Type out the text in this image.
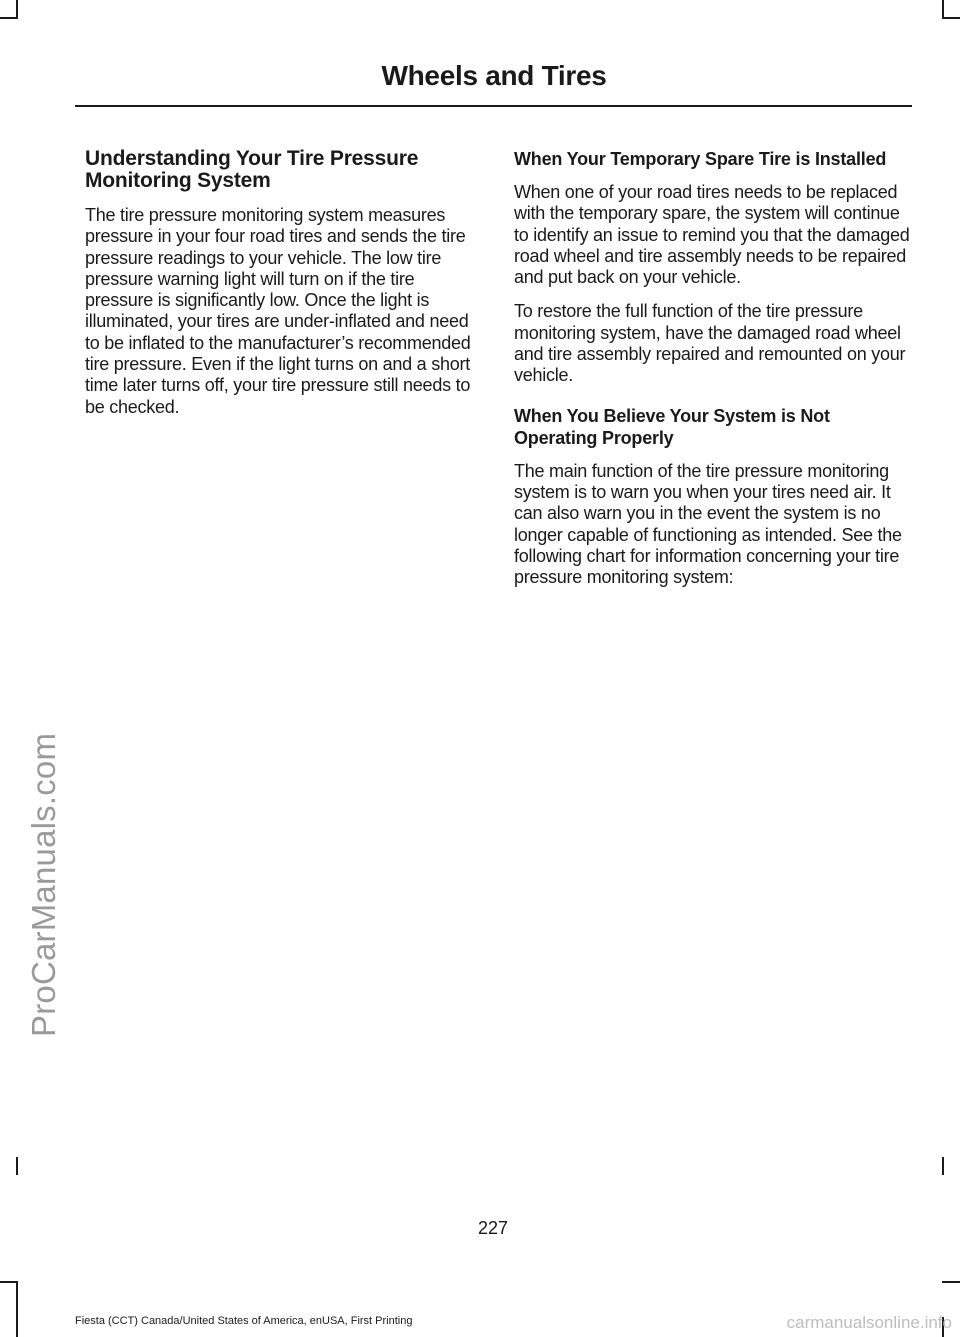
Wheels and Tires
Understanding Your Tire Pressure Monitoring System

The tire pressure monitoring system measures pressure in your four road tires and sends the tire pressure readings to your vehicle. The low tire pressure warning light will turn on if the tire pressure is significantly low. Once the light is illuminated, your tires are under-inflated and need to be inflated to the manufacturer’s recommended tire pressure. Even if the light turns on and a short time later turns off, your tire pressure still needs to be checked.

When Your Temporary Spare Tire is Installed

When one of your road tires needs to be replaced with the temporary spare, the system will continue to identify an issue to remind you that the damaged road wheel and tire assembly needs to be repaired and put back on your vehicle.

To restore the full function of the tire pressure monitoring system, have the damaged road wheel and tire assembly repaired and remounted on your vehicle.

When You Believe Your System is Not Operating Properly

The main function of the tire pressure monitoring system is to warn you when your tires need air. It can also warn you in the event the system is no longer capable of functioning as intended. See the following chart for information concerning your tire pressure monitoring system:

227
Fiesta (CCT) Canada/United States of America, enUSA, First Printing
ProCarManuals.com
carmanualsonline.info
